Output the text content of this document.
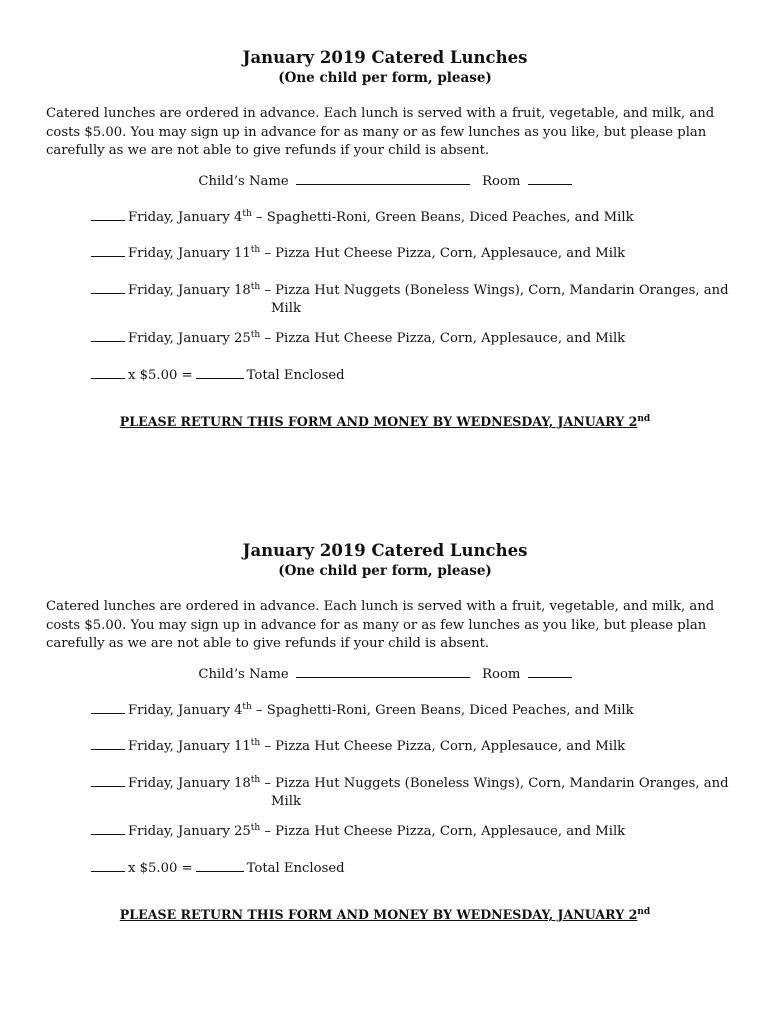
January 2019 Catered Lunches
(One child per form, please)

Catered lunches are ordered in advance. Each lunch is served with a fruit, vegetable, and milk, and costs $5.00. You may sign up in advance for as many or as few lunches as you like, but please plan carefully as we are not able to give refunds if your child is absent.

Child’s Name	Room
Friday, January 4th – Spaghetti-Roni, Green Beans, Diced Peaches, and Milk
Friday, January 11th – Pizza Hut Cheese Pizza, Corn, Applesauce, and Milk
Friday, January 18th – Pizza Hut Nuggets (Boneless Wings), Corn, Mandarin Oranges, and
Milk
Friday, January 25th – Pizza Hut Cheese Pizza, Corn, Applesauce, and Milk
x $5.00 =	Total Enclosed
PLEASE RETURN THIS FORM AND MONEY BY WEDNESDAY, JANUARY 2nd
January 2019 Catered Lunches
(One child per form, please)

Catered lunches are ordered in advance. Each lunch is served with a fruit, vegetable, and milk, and costs $5.00. You may sign up in advance for as many or as few lunches as you like, but please plan carefully as we are not able to give refunds if your child is absent.

Child’s Name	Room
Friday, January 4th – Spaghetti-Roni, Green Beans, Diced Peaches, and Milk
Friday, January 11th – Pizza Hut Cheese Pizza, Corn, Applesauce, and Milk
Friday, January 18th – Pizza Hut Nuggets (Boneless Wings), Corn, Mandarin Oranges, and
Milk
Friday, January 25th – Pizza Hut Cheese Pizza, Corn, Applesauce, and Milk
x $5.00 =	Total Enclosed
PLEASE RETURN THIS FORM AND MONEY BY WEDNESDAY, JANUARY 2nd
